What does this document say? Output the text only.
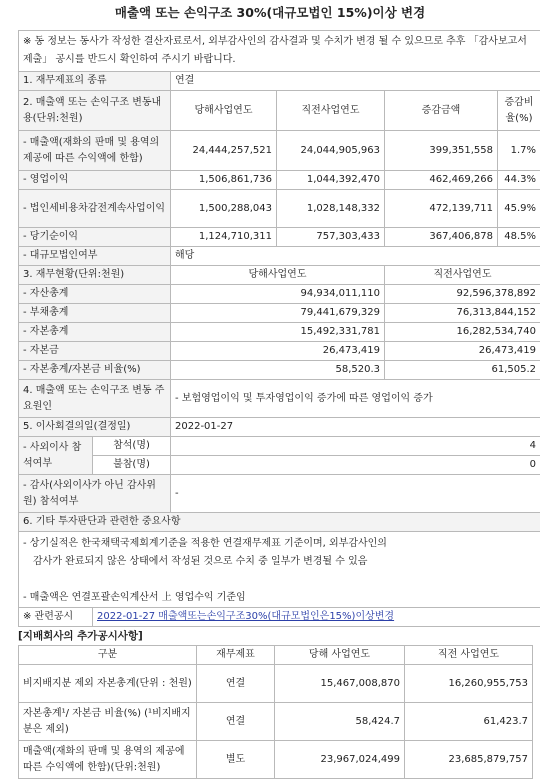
매출액 또는 손익구조 30%(대규모법인 15%)이상 변경
※ 동 정보는 동사가 작성한 결산자료로서, 외부감사인의 감사결과 및 수치가 변경 될 수 있으므로 추후 「감사보고서 제출」 공시를 반드시 확인하여 주시기 바랍니다.					
1. 재무제표의 종류		연결			
2. 매출액 또는 손익구조 변동내용(단위:천원)		당해사업연도	직전사업연도	증감금액	증감비율(%)
- 매출액(재화의 판매 및 용역의 제공에 따른 수익액에 한함)		24,444,257,521	24,044,905,963	399,351,558	1.7%
- 영업이익		1,506,861,736	1,044,392,470	462,469,266	44.3%
- 법인세비용차감전계속사업이익		1,500,288,043	1,028,148,332	472,139,711	45.9%
- 당기순이익		1,124,710,311	757,303,433	367,406,878	48.5%
- 대규모법인여부		해당			
3. 재무현황(단위:천원)		당해사업연도		직전사업연도	
- 자산총계		94,934,011,110		92,596,378,892	
- 부채총계		79,441,679,329		76,313,844,152	
- 자본총계		15,492,331,781		16,282,534,740	
- 자본금		26,473,419		26,473,419	
- 자본총계/자본금 비율(%)		58,520.3		61,505.2	
4. 매출액 또는 손익구조 변동 주요원인		- 보험영업이익 및 투자영업이익 증가에 따른 영업이익 증가			
5. 이사회결의일(결정일)		2022-01-27			
- 사외이사 참석여부	참석(명)	4			
	불참(명)	0			
- 감사(사외이사가 아닌 감사위원) 참석여부		-			
6. 기타 투자판단과 관련한 중요사항					

- 상기실적은 한국채택국제회계기준을 적용한 연결재무제표 기준이며, 외부감사인의
감사가 완료되지 않은 상태에서 작성된 것으로 수치 중 일부가 변경될 수 있음

- 매출액은 연결포괄손익계산서 上 영업수익 기준임					

※ 관련공시	2022-01-27 매출액또는손익구조30%(대규모법인은15%)이상변경				
[지배회사의 추가공시사항]
구분	재무제표	당해 사업연도	직전 사업연도
비지배지분 제외 자본총계(단위 : 천원)	연결	15,467,008,870	16,260,955,753
자본총계¹/ 자본금 비율(%) (¹비지배지분은 제외)	연결	58,424.7	61,423.7
매출액(재화의 판매 및 용역의 제공에 따른 수익액에 한함)(단위:천원)	별도	23,967,024,499	23,685,879,757
